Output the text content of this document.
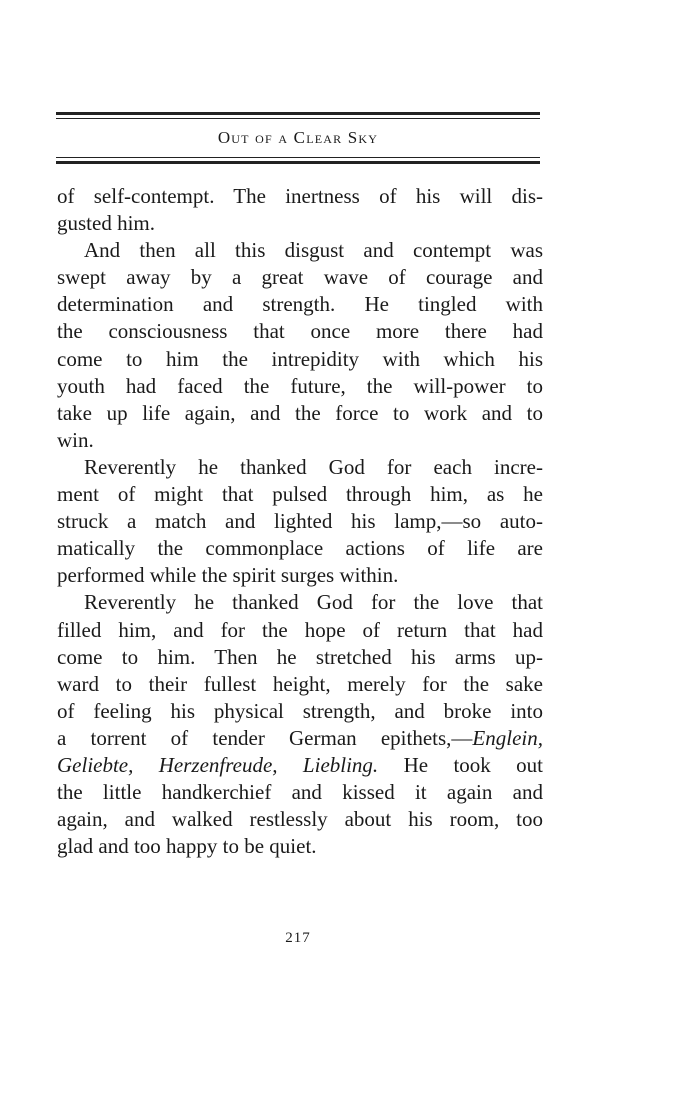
Out of a Clear Sky
of self-contempt. The inertness of his will dis-
gusted him.
And then all this disgust and contempt was
swept away by a great wave of courage and
determination and strength. He tingled with
the consciousness that once more there had
come to him the intrepidity with which his
youth had faced the future, the will-power to
take up life again, and the force to work and to
win.
Reverently he thanked God for each incre-
ment of might that pulsed through him, as he
struck a match and lighted his lamp,—so auto-
matically the commonplace actions of life are
performed while the spirit surges within.
Reverently he thanked God for the love that
filled him, and for the hope of return that had
come to him. Then he stretched his arms up-
ward to their fullest height, merely for the sake
of feeling his physical strength, and broke into
a torrent of tender German epithets,—Englein,
Geliebte, Herzenfreude, Liebling. He took out
the little handkerchief and kissed it again and
again, and walked restlessly about his room, too
glad and too happy to be quiet.
217
